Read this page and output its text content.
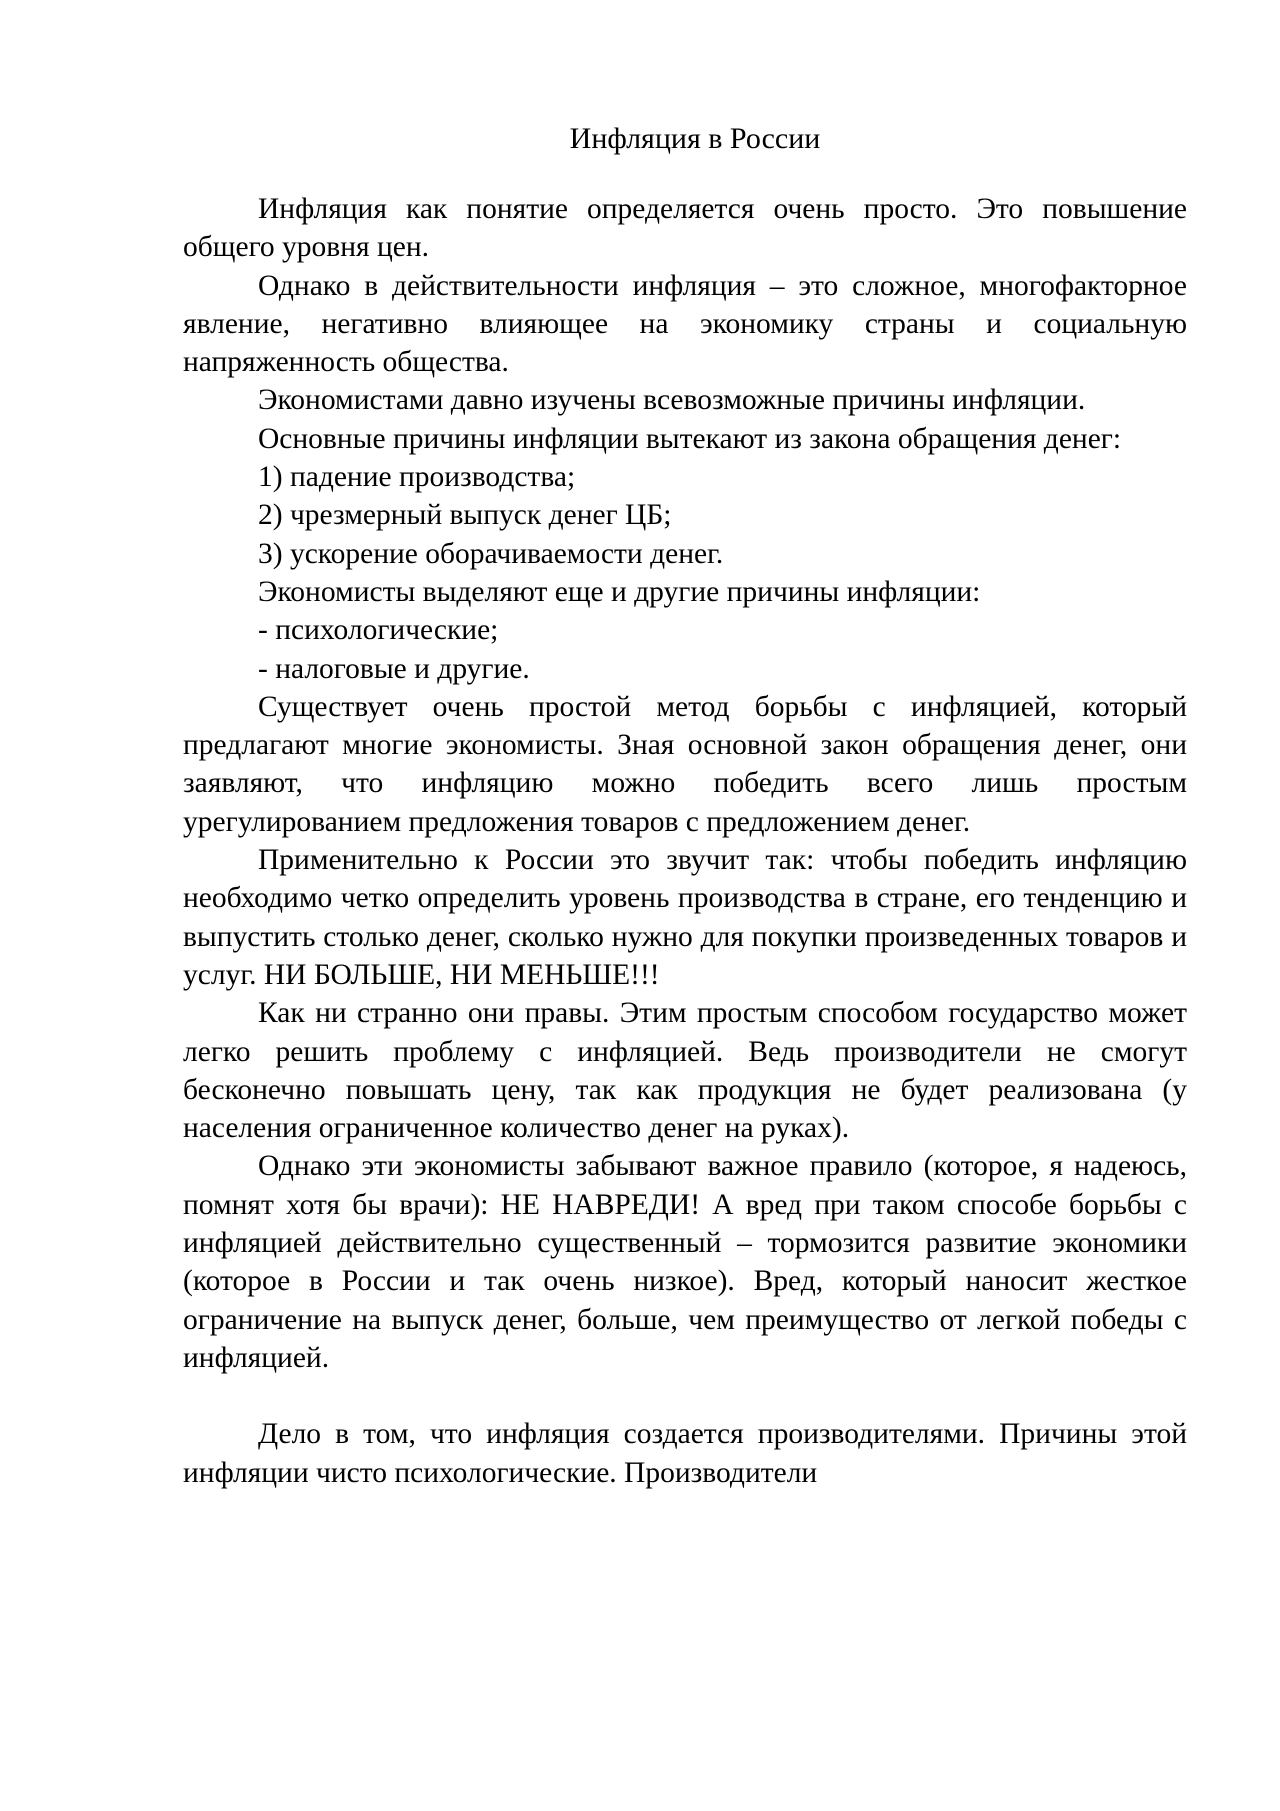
Инфляция в России

Инфляция как понятие определяется очень просто. Это повышение общего уровня цен.

Однако в действительности инфляция – это сложное, многофакторное явление, негативно влияющее на экономику страны и социальную напряженность общества.

Экономистами давно изучены всевозможные причины инфляции.

Основные причины инфляции вытекают из закона обращения денег:

1) падение производства;

2) чрезмерный выпуск денег ЦБ;

3) ускорение оборачиваемости денег.

Экономисты выделяют еще и другие причины инфляции:

- психологические;

- налоговые и другие.

Существует очень простой метод борьбы с инфляцией, который предлагают многие экономисты. Зная основной закон обращения денег, они заявляют, что инфляцию можно победить всего лишь простым урегулированием предложения товаров с предложением денег.

Применительно к России это звучит так: чтобы победить инфляцию необходимо четко определить уровень производства в стране, его тенденцию и выпустить столько денег, сколько нужно для покупки произведенных товаров и услуг. НИ БОЛЬШЕ, НИ МЕНЬШЕ!!!

Как ни странно они правы. Этим простым способом государство может легко решить проблему с инфляцией. Ведь производители не смогут бесконечно повышать цену, так как продукция не будет реализована (у населения ограниченное количество денег на руках).

Однако эти экономисты забывают важное правило (которое, я надеюсь, помнят хотя бы врачи): НЕ НАВРЕДИ! А вред при таком способе борьбы с инфляцией действительно существенный – тормозится развитие экономики (которое в России и так очень низкое). Вред, который наносит жесткое ограничение на выпуск денег, больше, чем преимущество от легкой победы с инфляцией.

Дело в том, что инфляция создается производителями. Причины этой инфляции чисто психологические. Производители
